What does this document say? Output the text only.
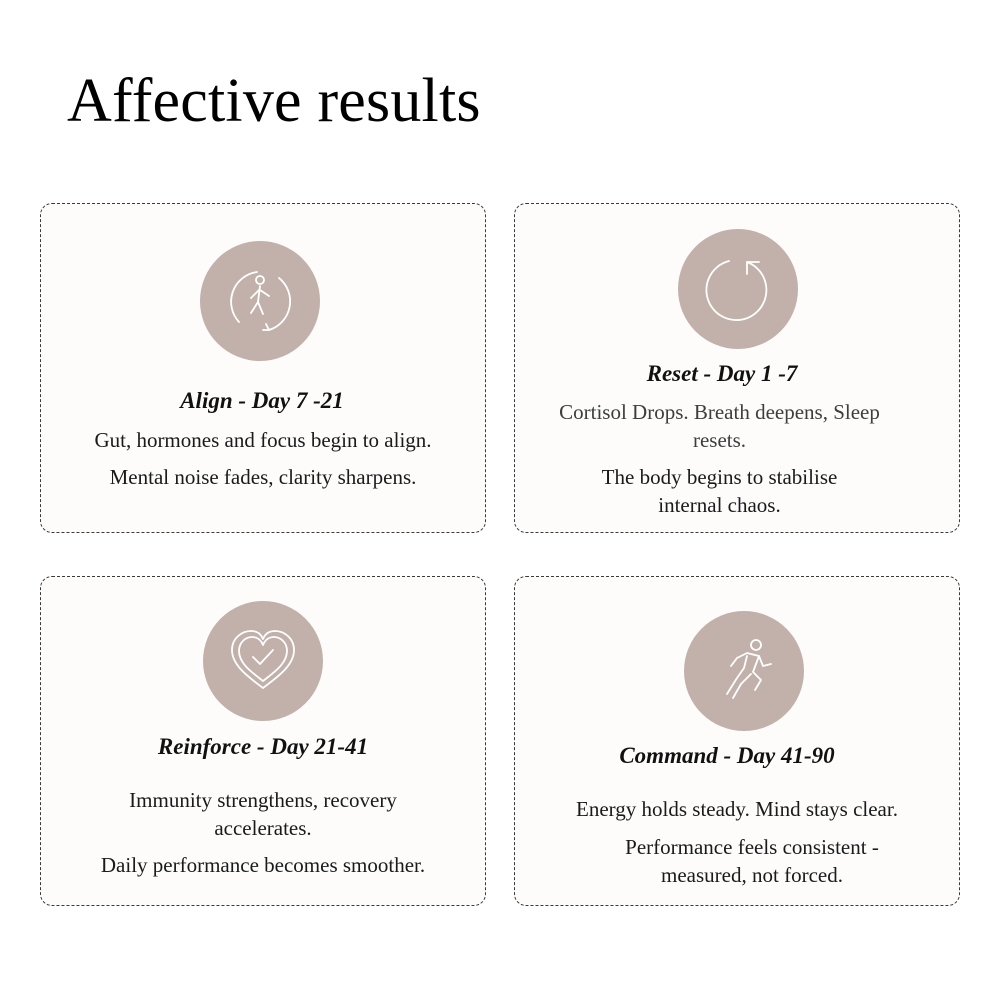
Affective results

Align - Day 7 -21

Gut, hormones and focus begin to align.

Mental noise fades, clarity sharpens.

Reset - Day 1 -7

Cortisol Drops. Breath deepens, Sleep resets.

The body begins to stabilise internal chaos.

Reinforce - Day 21-41

Immunity strengthens, recovery accelerates.

Daily performance becomes smoother.

Command - Day 41-90

Energy holds steady. Mind stays clear.

Performance feels consistent - measured, not forced.
